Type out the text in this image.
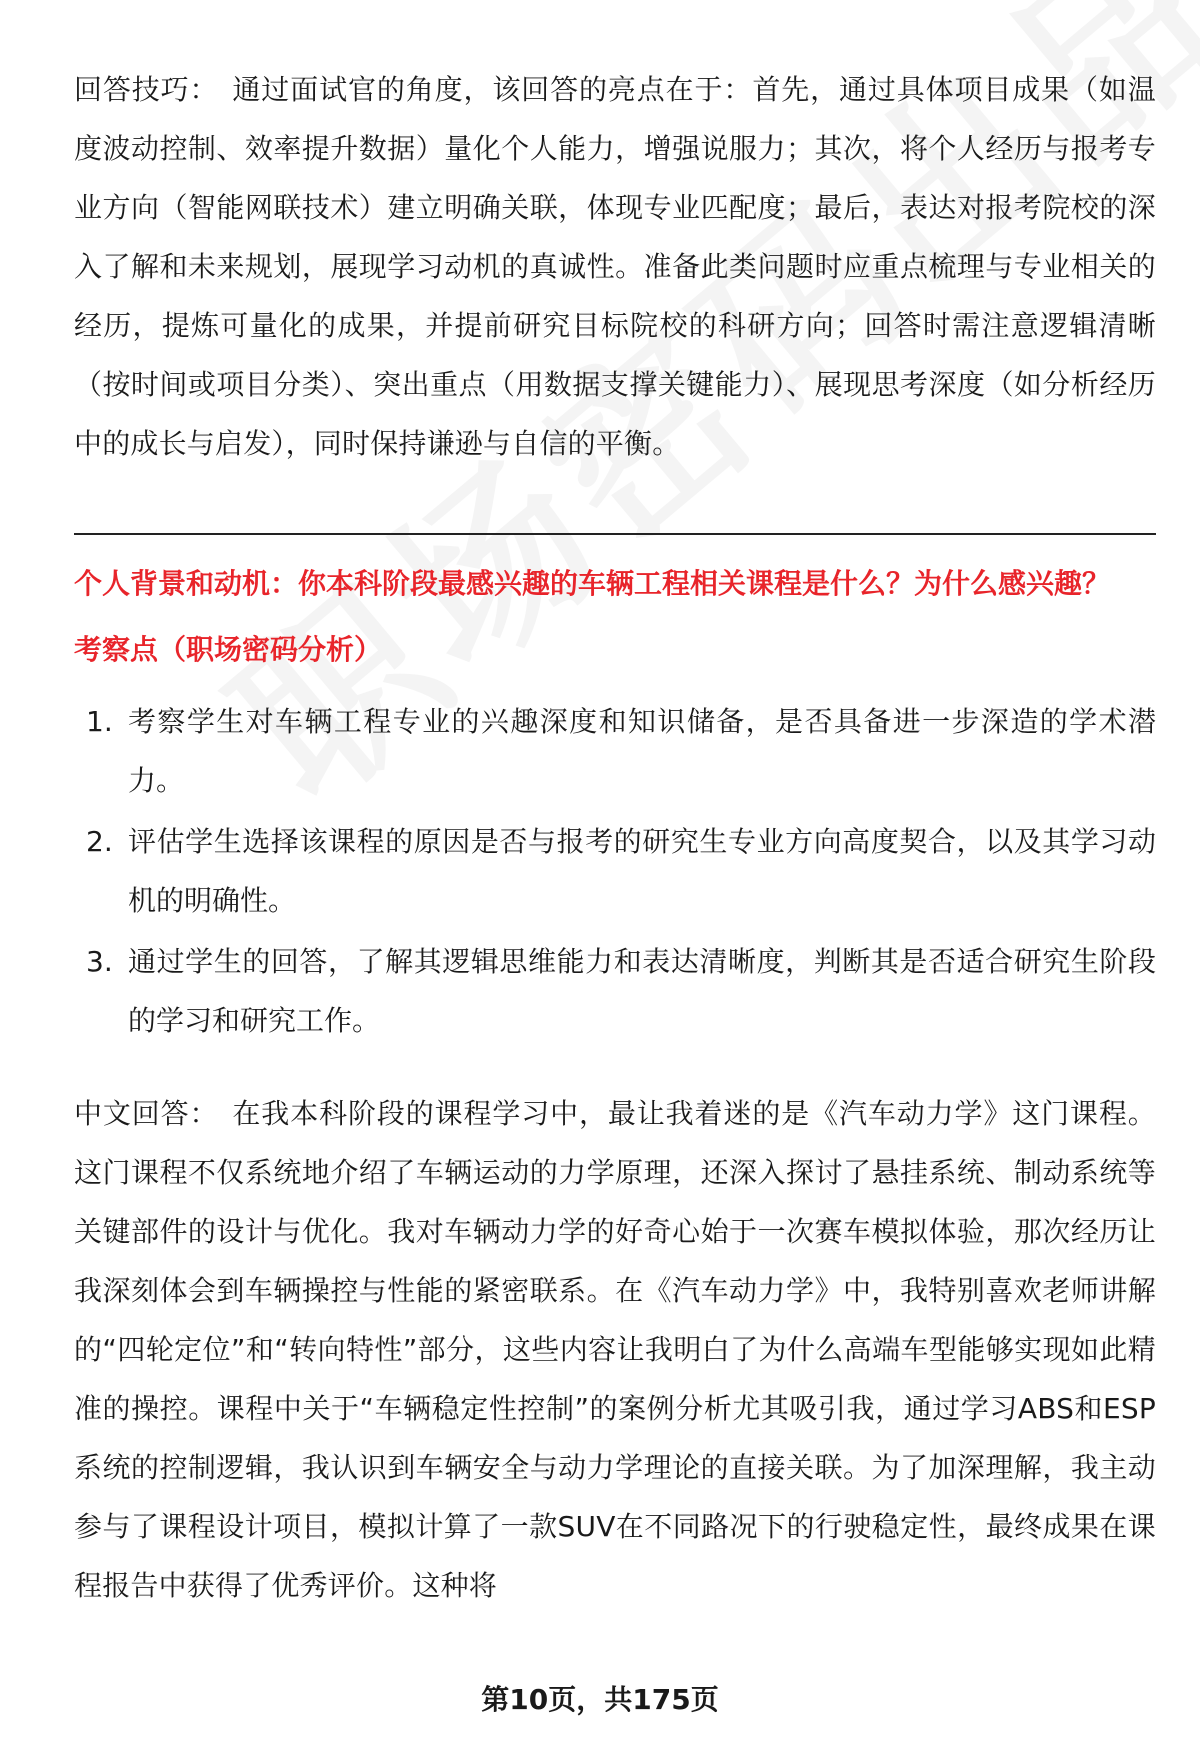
回答技巧： 通过面试官的角度，该回答的亮点在于：首先，通过具体项目成果（如温度波动控制、效率提升数据）量化个人能力，增强说服力；其次，将个人经历与报考专业方向（智能网联技术）建立明确关联，体现专业匹配度；最后，表达对报考院校的深入了解和未来规划，展现学习动机的真诚性。准备此类问题时应重点梳理与专业相关的经历，提炼可量化的成果，并提前研究目标院校的科研方向；回答时需注意逻辑清晰（按时间或项目分类）、突出重点（用数据支撑关键能力）、展现思考深度（如分析经历中的成长与启发），同时保持谦逊与自信的平衡。

个人背景和动机：你本科阶段最感兴趣的车辆工程相关课程是什么？为什么感兴趣？
考察点（职场密码分析）
1. 考察学生对车辆工程专业的兴趣深度和知识储备，是否具备进一步深造的学术潜力。
2. 评估学生选择该课程的原因是否与报考的研究生专业方向高度契合，以及其学习动机的明确性。
3. 通过学生的回答，了解其逻辑思维能力和表达清晰度，判断其是否适合研究生阶段的学习和研究工作。

中文回答： 在我本科阶段的课程学习中，最让我着迷的是《汽车动力学》这门课程。这门课程不仅系统地介绍了车辆运动的力学原理，还深入探讨了悬挂系统、制动系统等关键部件的设计与优化。我对车辆动力学的好奇心始于一次赛车模拟体验，那次经历让我深刻体会到车辆操控与性能的紧密联系。在《汽车动力学》中，我特别喜欢老师讲解的“四轮定位”和“转向特性”部分，这些内容让我明白了为什么高端车型能够实现如此精准的操控。课程中关于“车辆稳定性控制”的案例分析尤其吸引我，通过学习ABS和ESP系统的控制逻辑，我认识到车辆安全与动力学理论的直接关联。为了加深理解，我主动参与了课程设计项目，模拟计算了一款SUV在不同路况下的行驶稳定性，最终成果在课程报告中获得了优秀评价。这种将

第10页，共175页
